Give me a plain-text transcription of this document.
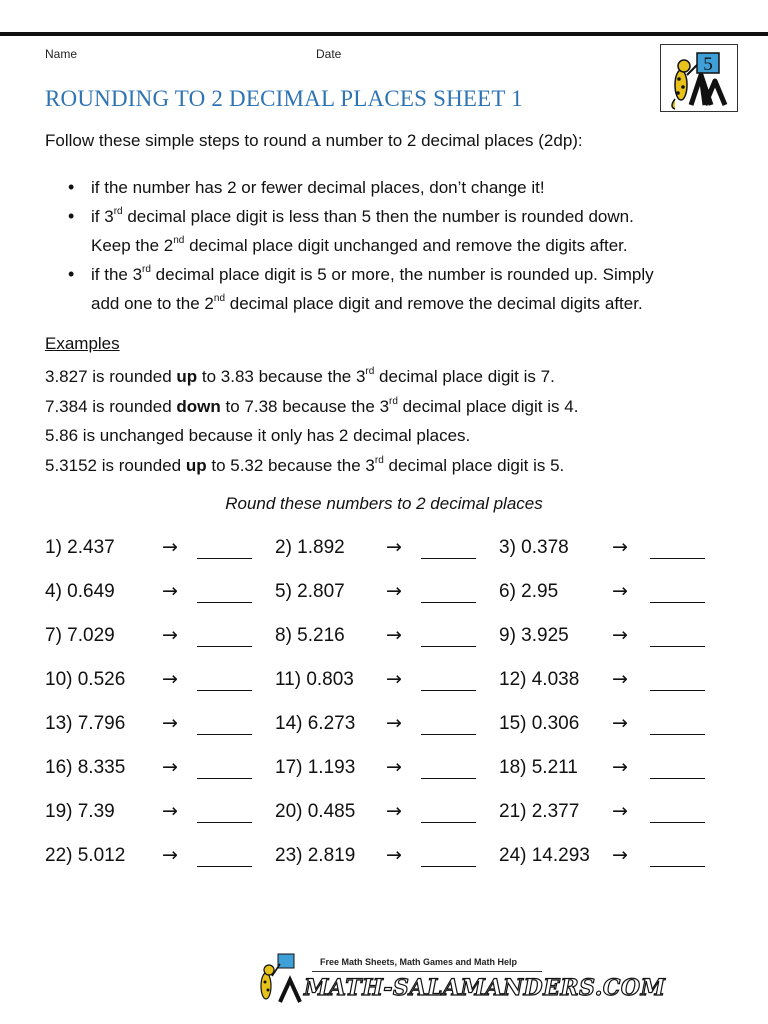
Name	Date	5
ROUNDING TO 2 DECIMAL PLACES SHEET 1

Follow these simple steps to round a number to 2 decimal places (2dp):

• if the number has 2 or fewer decimal places, don’t change it!
• if 3rd decimal place digit is less than 5 then the number is rounded down.
Keep the 2nd decimal place digit unchanged and remove the digits after.
• if the 3rd decimal place digit is 5 or more, the number is rounded up. Simply
add one to the 2nd decimal place digit and remove the decimal digits after.

Examples

3.827 is rounded up to 3.83 because the 3rd decimal place digit is 7.

7.384 is rounded down to 7.38 because the 3rd decimal place digit is 4.

5.86 is unchanged because it only has 2 decimal places.

5.3152 is rounded up to 5.32 because the 3rd decimal place digit is 5.

Round these numbers to 2 decimal places

1) 2.437 →	2) 1.892 →	3) 0.378 →
4) 0.649 →	5) 2.807 →	6) 2.95	→
7) 7.029 →	8) 5.216 →	9) 3.925 →
10) 0.526 →	11) 0.803 →	12) 4.038 →
13) 7.796 →	14) 6.273 →	15) 0.306 →
16) 8.335 →	17) 1.193 →	18) 5.211 →
19) 7.39 →	20) 0.485 →	21) 2.377 →
22) 5.012 →	23) 2.819 →	24) 14.293 →
Free Math Sheets, Math Games and Math Help
MATH-SALAMANDERS.COM
